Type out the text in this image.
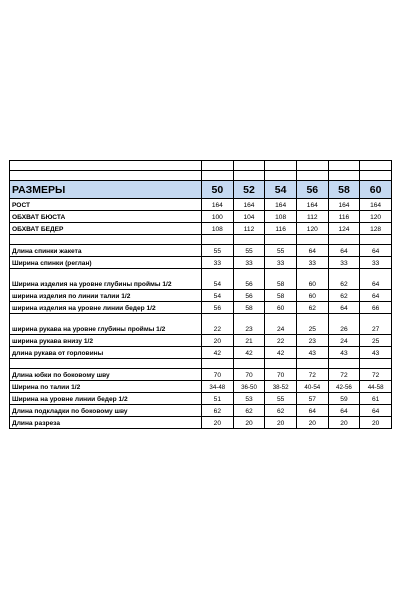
РАЗМЕРЫ	50	52	54	56	58	60
РОСТ	164	164	164	164	164	164
ОБХВАТ БЮСТА	100	104	108	112	116	120
ОБХВАТ БЕДЕР	108	112	116	120	124	128

Длина спинки жакета	55	55	55	64	64	64
Ширина спинки (реглан)	33	33	33	33	33	33
Ширина изделия на уровне глубины проймы 1/2	54	56	58	60	62	64
ширина изделия по линии талии 1/2	54	56	58	60	62	64
ширина изделия на уровне линии бедер 1/2	56	58	60	62	64	66
ширина рукава на уровне глубины проймы 1/2	22	23	24	25	26	27
ширина рукава внизу 1/2	20	21	22	23	24	25
длина рукава от горловины	42	42	42	43	43	43

Длина юбки по боковому шву	70	70	70	72	72	72
Ширина по талии 1/2	34-48	36-50	38-52	40-54	42-56	44-58
Ширина на уровне линии бедер 1/2	51	53	55	57	59	61
Длина подкладки по боковому шву	62	62	62	64	64	64
Длина разреза	20	20	20	20	20	20
